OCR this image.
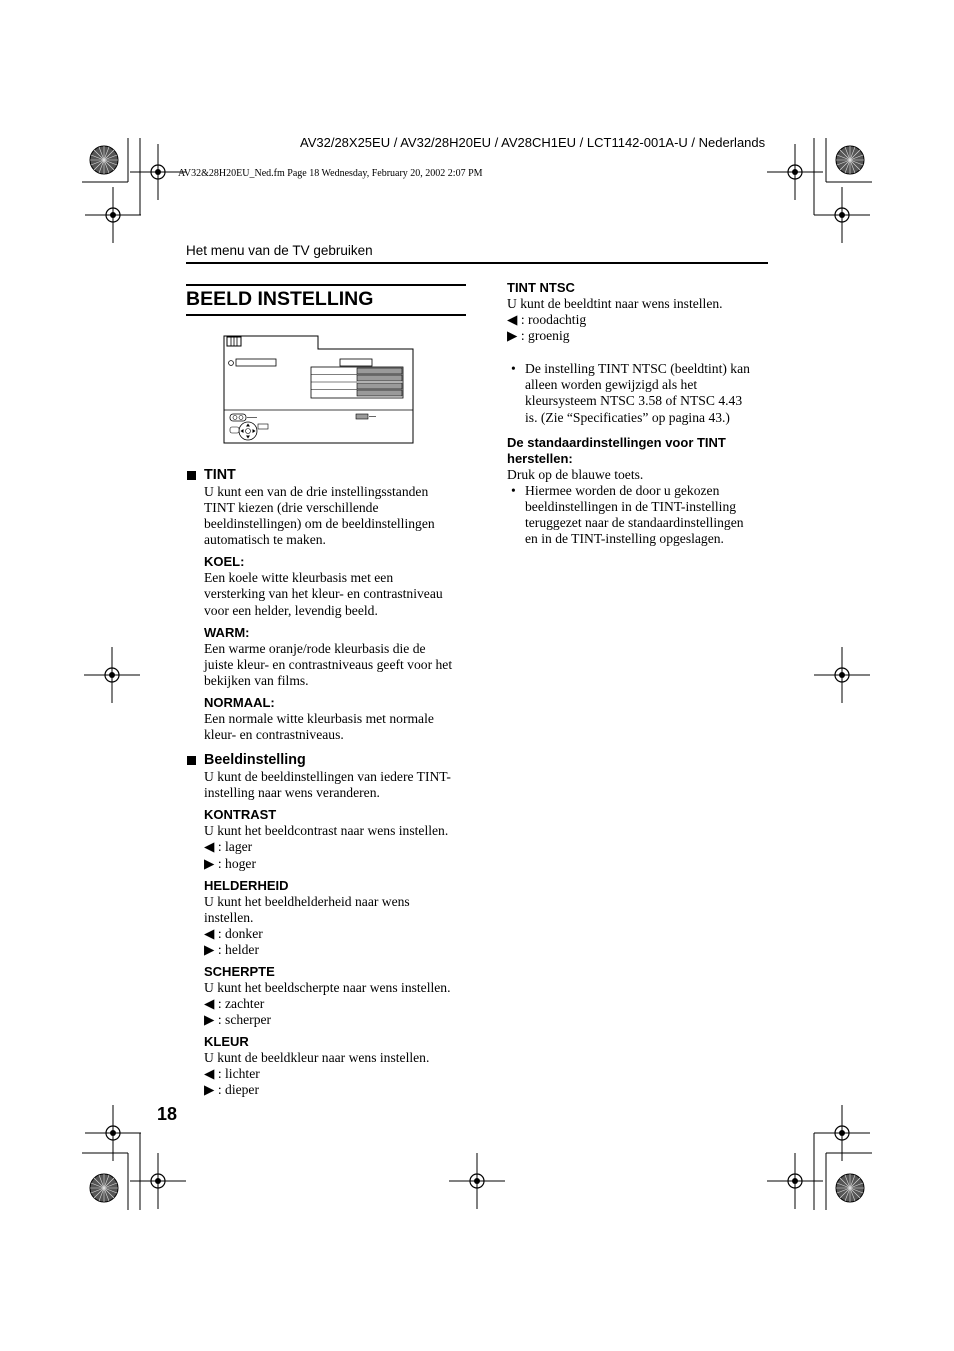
AV32/28X25EU / AV32/28H20EU / AV28CH1EU / LCT1142-001A-U / Nederlands
AV32&28H20EU_Ned.fm Page 18 Wednesday, February 20, 2002 2:07 PM
Het menu van de TV gebruiken
BEELD INSTELLING
TINT

U kunt een van de drie instellingsstanden
TINT kiezen (drie verschillende
beeldinstellingen) om de beeldinstellingen
automatisch te maken.

KOEL:

Een koele witte kleurbasis met een
versterking van het kleur- en contrastniveau
voor een helder, levendig beeld.

WARM:

Een warme oranje/rode kleurbasis die de
juiste kleur- en contrastniveaus geeft voor het
bekijken van films.

NORMAAL:

Een normale witte kleurbasis met normale
kleur- en contrastniveaus.

Beeldinstelling

U kunt de beeldinstellingen van iedere TINT-
instelling naar wens veranderen.

KONTRAST

U kunt het beeldcontrast naar wens instellen.
◀ : lager
▶ : hoger

HELDERHEID

U kunt het beeldhelderheid naar wens
instellen.
◀ : donker
▶ : helder

SCHERPTE

U kunt het beeldscherpte naar wens instellen.
◀ : zachter
▶ : scherper

KLEUR

U kunt de beeldkleur naar wens instellen.
◀ : lichter
▶ : dieper

TINT NTSC

U kunt de beeldtint naar wens instellen.
◀ : roodachtig
▶ : groenig

• De instelling TINT NTSC (beeldtint) kan
alleen worden gewijzigd als het
kleursysteem NTSC 3.58 of NTSC 4.43
is. (Zie “Specificaties” op pagina 43.)

De standaardinstellingen voor TINT
herstellen:

Druk op de blauwe toets.

• Hiermee worden de door u gekozen
beeldinstellingen in de TINT-instelling
teruggezet naar de standaardinstellingen
en in de TINT-instelling opgeslagen.

18
